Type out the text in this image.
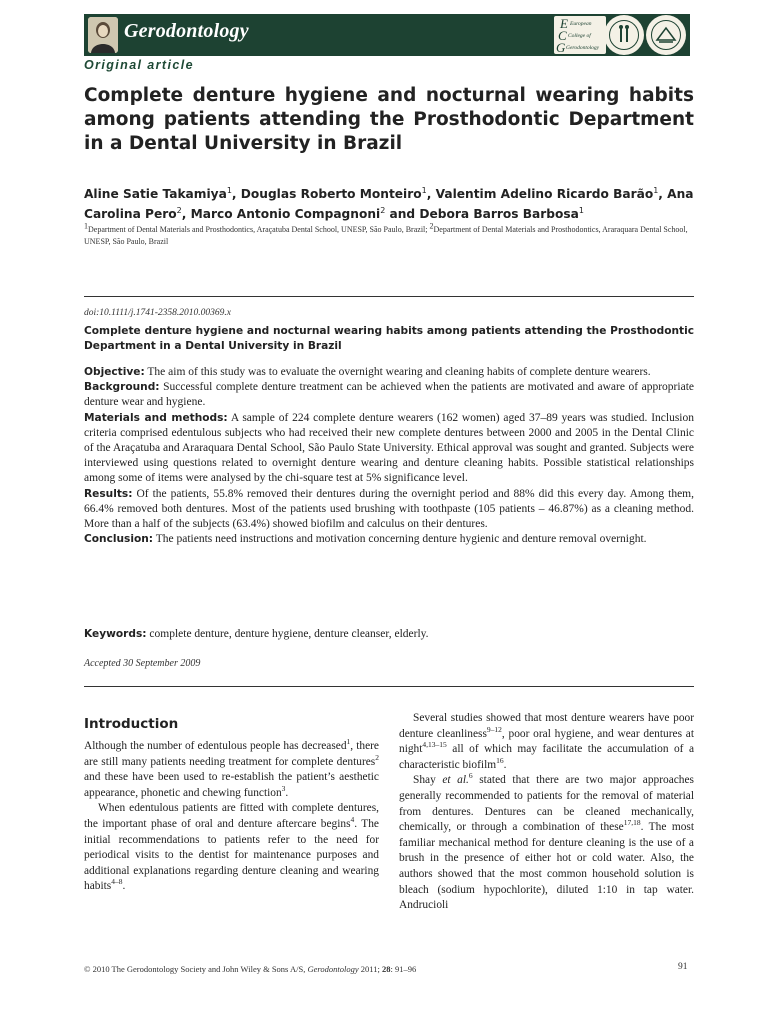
Gerodontology	E
C
G
European
College of
Gerodontology
Original article
Complete denture hygiene and nocturnal wearing habits among patients attending the Prosthodontic Department in a Dental University in Brazil
Aline Satie Takamiya$^1$, Douglas Roberto Monteiro$^1$, Valentim Adelino Ricardo Barão$^1$, Ana Carolina Pero$^2$, Marco Antonio Compagnoni$^2$ and Debora Barros Barbosa$^1$
$^1$Department of Dental Materials and Prosthodontics, Araçatuba Dental School, UNESP, São Paulo, Brazil; $^2$Department of Dental Materials and Prosthodontics, Araraquara Dental School, UNESP, São Paulo, Brazil
doi:10.1111/j.1741-2358.2010.00369.x
Complete denture hygiene and nocturnal wearing habits among patients attending the Prosthodontic Department in a Dental University in Brazil

Objective: The aim of this study was to evaluate the overnight wearing and cleaning habits of complete denture wearers.

Background: Successful complete denture treatment can be achieved when the patients are motivated and aware of appropriate denture wear and hygiene.

Materials and methods: A sample of 224 complete denture wearers (162 women) aged 37–89 years was studied. Inclusion criteria comprised edentulous subjects who had received their new complete dentures between 2000 and 2005 in the Dental Clinic of the Araçatuba and Araraquara Dental School, São Paulo State University. Ethical approval was sought and granted. Subjects were interviewed using questions related to overnight denture wearing and denture cleaning habits. Possible statistical relationships among some of items were analysed by the chi-square test at 5% significance level.

Results: Of the patients, 55.8% removed their dentures during the overnight period and 88% did this every day. Among them, 66.4% removed both dentures. Most of the patients used brushing with toothpaste (105 patients – 46.87%) as a cleaning method. More than a half of the subjects (63.4%) showed biofilm and calculus on their dentures.

Conclusion: The patients need instructions and motivation concerning denture hygienic and denture removal overnight.

Keywords: complete denture, denture hygiene, denture cleanser, elderly.
Accepted 30 September 2009
Introduction

Although the number of edentulous people has decreased$^1$, there are still many patients needing treatment for complete dentures$^2$ and these have been used to re-establish the patient’s aesthetic appearance, phonetic and chewing function$^3$.

When edentulous patients are fitted with complete dentures, the important phase of oral and denture aftercare begins$^4$. The initial recommendations to patients refer to the need for periodical visits to the dentist for maintenance purposes and additional explanations regarding denture cleaning and wearing habits$^{4-8}$.

Several studies showed that most denture wearers have poor denture cleanliness$^{9-12}$, poor oral hygiene, and wear dentures at night$^{4,13-15}$ all of which may facilitate the accumulation of a characteristic biofilm$^{16}$.

Shay et al.$^6$ stated that there are two major approaches generally recommended to patients for the removal of material from dentures. Dentures can be cleaned mechanically, chemically, or through a combination of these$^{17,18}$. The most familiar mechanical method for denture cleaning is the use of a brush in the presence of either hot or cold water. Also, the authors showed that the most common household solution is bleach (sodium hypochlorite), diluted 1:10 in tap water. Andrucioli

© 2010 The Gerodontology Society and John Wiley & Sons A/S, Gerodontology 2011; 28: 91–96	91
